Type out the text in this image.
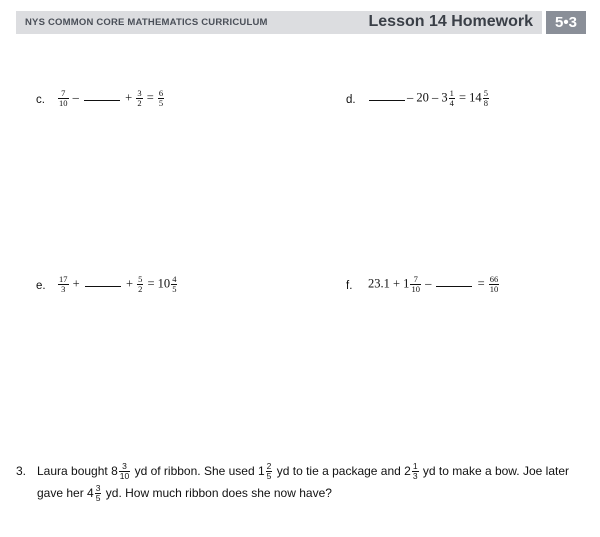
NYS COMMON CORE MATHEMATICS CURRICULUM	Lesson 14 Homework	5•3
c. $\frac{7}{10}$ –	+ $\frac{3}{2} = \frac{6}{5}$	d.	– $20 - 3 \frac{1}{4} = 14 \frac{5}{8}$
e. $\frac{17}{3}$ +	+ $\frac{5}{2} = 10 \frac{4}{5}$	f. $23.1 + 1 \frac{7}{10}$ –	= $\frac{66}{10}$
3. Laura bought $8 \frac{3}{10}$ yd of ribbon. She used $1 \frac{2}{5}$ yd to tie a package and $2 \frac{1}{3}$ yd to make a bow. Joe later
gave her $4 \frac{3}{5}$ yd. How much ribbon does she now have?
